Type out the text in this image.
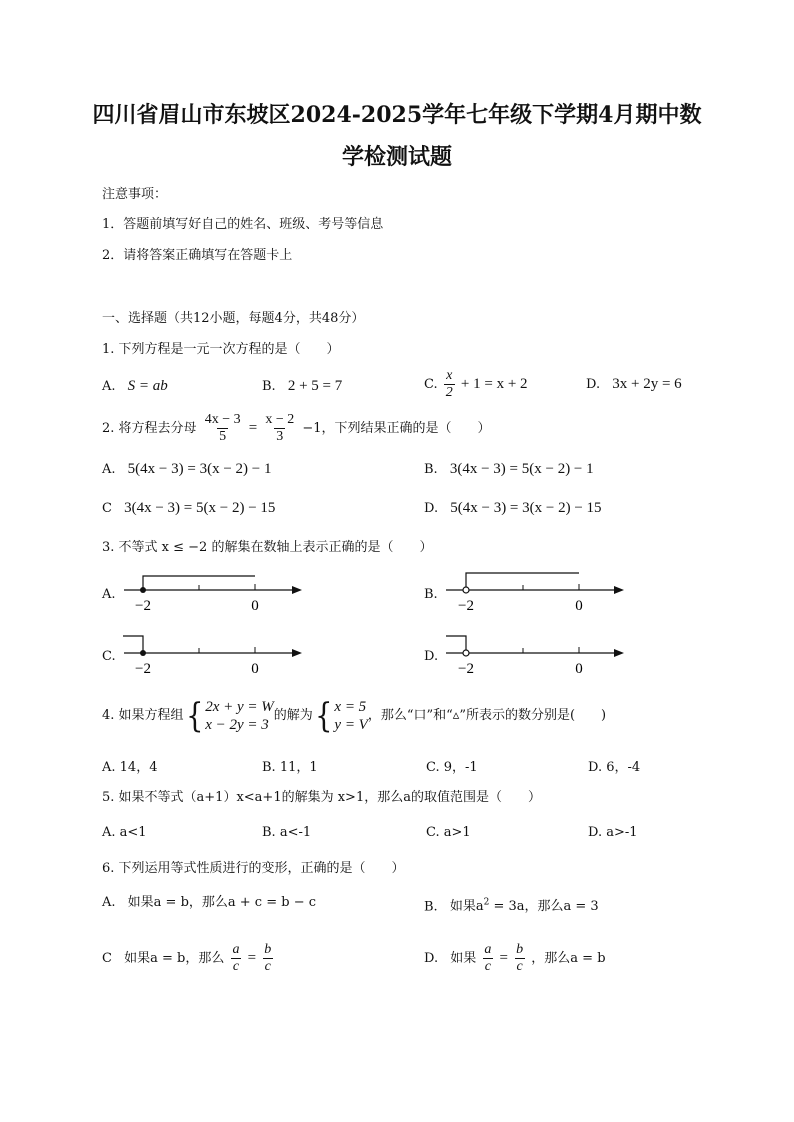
四川省眉山市东坡区2024-2025学年七年级下学期4月期中数
学检测试题
注意事项：
1．答题前填写好自己的姓名、班级、考号等信息
2．请将答案正确填写在答题卡上
一、选择题（共12小题，每题4分，共48分）
1. 下列方程是一元一次方程的是（　　）
A. S = ab	B. 2 + 5 = 7	C. $\frac{x}{2} + 1 = x + 2$	D. 3x + 2y = 6
2. 将方程去分母 $\frac{4x - 3}{5} = \frac{x - 2}{3} -1$，下列结果正确的是（　　）
A. 5(4x − 3) = 3(x − 2) − 1	B. 3(4x − 3) = 5(x − 2) − 1
C 3(4x − 3) = 5(x − 2) − 15	D. 5(4x − 3) = 3(x − 2) − 15
3. 不等式 x ≤ −2 的解集在数轴上表示正确的是（　　）
A.
−2	0
B.
−2	0
C.
−2	0
D.
−2	0
4. 如果方程组{ 2x + y = W
x − 2y = 3
的解为{ x = 5
y = V
，那么“口”和“▵”所表示的数分别是(　　)
A. 14，4	B. 11，1	C. 9，-1	D. 6，-4
5. 如果不等式（a+1）x<a+1的解集为 x>1，那么a的取值范围是（　　）
A. a<1	B. a<-1	C. a>1	D. a>-1
6. 下列运用等式性质进行的变形，正确的是（　　）
A. 如果a = b，那么a + c = b − c	B. 如果$a^2 = 3a$，那么a = 3
C 如果a = b，那么 $\frac{a}{c} = \frac{b}{c}$	D. 如果 $\frac{a}{c} = \frac{b}{c}$ ，那么a = b
